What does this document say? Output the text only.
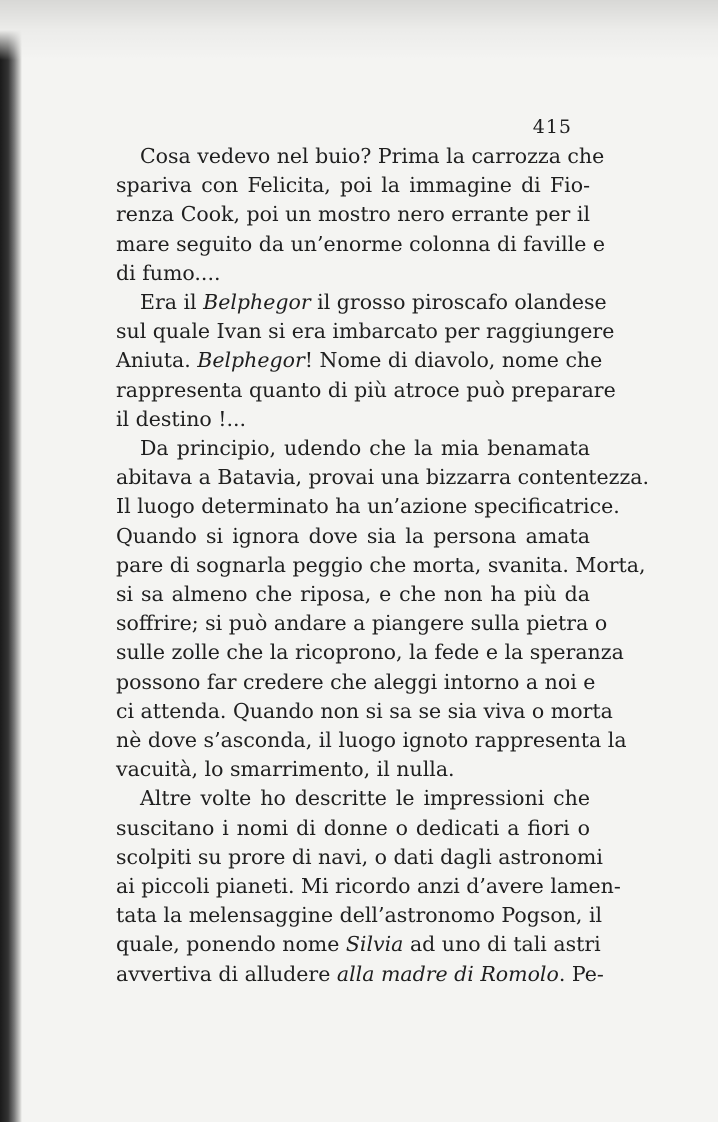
415
Cosa vedevo nel buio? Prima la carrozza che
spariva con Felicita, poi la immagine di Fio-
renza Cook, poi un mostro nero errante per il
mare seguito da un’enorme colonna di faville e
di fumo....
Era il Belphegor il grosso piroscafo olandese
sul quale Ivan si era imbarcato per raggiungere
Aniuta. Belphegor! Nome di diavolo, nome che
rappresenta quanto di più atroce può preparare
il destino !...
Da principio, udendo che la mia benamata
abitava a Batavia, provai una bizzarra contentezza.
Il luogo determinato ha un’azione specificatrice.
Quando si ignora dove sia la persona amata
pare di sognarla peggio che morta, svanita. Morta,
si sa almeno che riposa, e che non ha più da
soffrire; si può andare a piangere sulla pietra o
sulle zolle che la ricoprono, la fede e la speranza
possono far credere che aleggi intorno a noi e
ci attenda. Quando non si sa se sia viva o morta
nè dove s’asconda, il luogo ignoto rappresenta la
vacuità, lo smarrimento, il nulla.
Altre volte ho descritte le impressioni che
suscitano i nomi di donne o dedicati a fiori o
scolpiti su prore di navi, o dati dagli astronomi
ai piccoli pianeti. Mi ricordo anzi d’avere lamen-
tata la melensaggine dell’astronomo Pogson, il
quale, ponendo nome Silvia ad uno di tali astri
avvertiva di alludere alla madre di Romolo. Pe-
